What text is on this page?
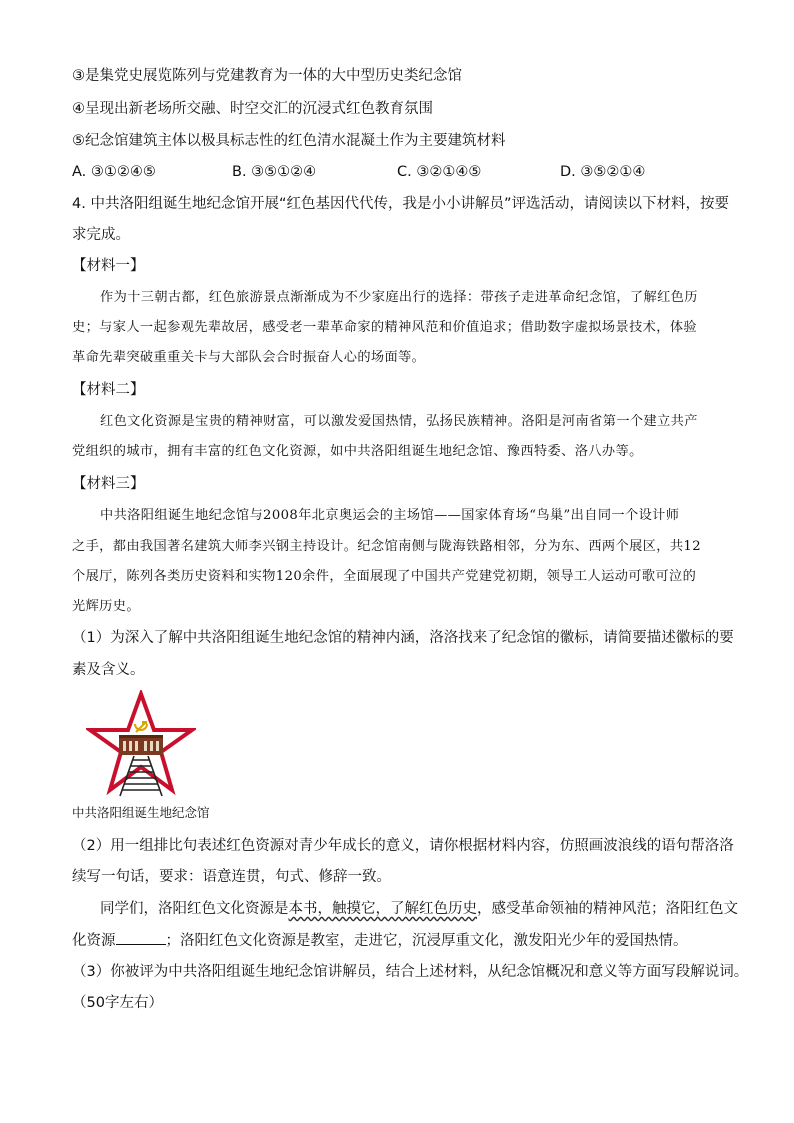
③是集党史展览陈列与党建教育为一体的大中型历史类纪念馆
④呈现出新老场所交融、时空交汇的沉浸式红色教育氛围
⑤纪念馆建筑主体以极具标志性的红色清水混凝土作为主要建筑材料
A. ③①②④⑤	B. ③⑤①②④	C. ③②①④⑤	D. ③⑤②①④
4. 中共洛阳组诞生地纪念馆开展“红色基因代代传，我是小小讲解员”评选活动，请阅读以下材料，按要
求完成。
【材料一】
作为十三朝古都，红色旅游景点渐渐成为不少家庭出行的选择：带孩子走进革命纪念馆，了解红色历
史；与家人一起参观先辈故居，感受老一辈革命家的精神风范和价值追求；借助数字虚拟场景技术，体验
革命先辈突破重重关卡与大部队会合时振奋人心的场面等。
【材料二】
红色文化资源是宝贵的精神财富，可以激发爱国热情，弘扬民族精神。洛阳是河南省第一个建立共产
党组织的城市，拥有丰富的红色文化资源，如中共洛阳组诞生地纪念馆、豫西特委、洛八办等。
【材料三】
中共洛阳组诞生地纪念馆与2008年北京奥运会的主场馆——国家体育场“鸟巢”出自同一个设计师
之手，都由我国著名建筑大师李兴钢主持设计。纪念馆南侧与陇海铁路相邻，分为东、西两个展区，共12
个展厅，陈列各类历史资料和实物120余件，全面展现了中国共产党建党初期，领导工人运动可歌可泣的
光辉历史。
（1）为深入了解中共洛阳组诞生地纪念馆的精神内涵，洛洛找来了纪念馆的徽标，请简要描述徽标的要
素及含义。
中共洛阳组诞生地纪念馆
（2）用一组排比句表述红色资源对青少年成长的意义，请你根据材料内容，仿照画波浪线的语句帮洛洛
续写一句话，要求：语意连贯，句式、修辞一致。
同学们，洛阳红色文化资源是本书，触摸它，了解红色历史，感受革命领袖的精神风范；洛阳红色文
化资源	；洛阳红色文化资源是教室，走进它，沉浸厚重文化，激发阳光少年的爱国热情。
（3）你被评为中共洛阳组诞生地纪念馆讲解员，结合上述材料，从纪念馆概况和意义等方面写段解说词。
（50字左右）
